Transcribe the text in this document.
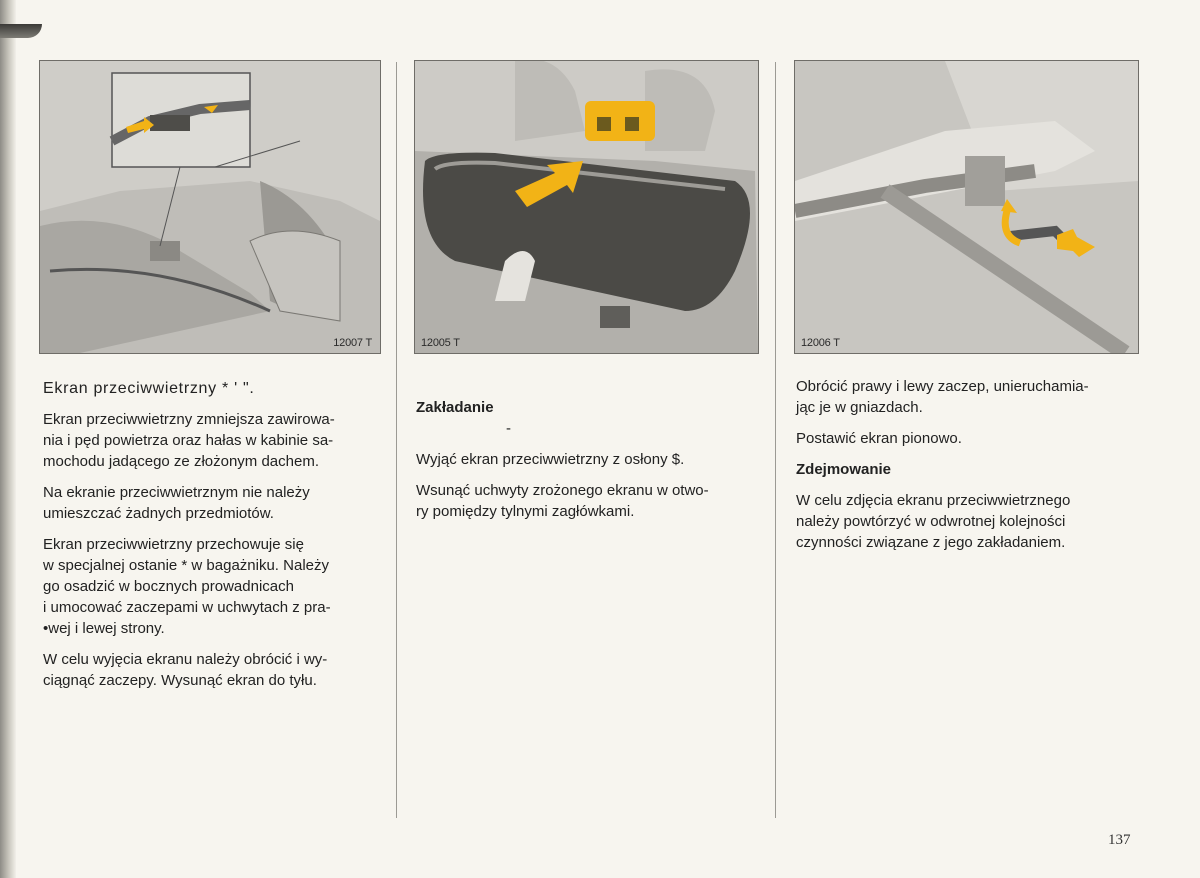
12007 T	12005 T	12006 T

Ekran przeciwwietrzny * ' ".

Ekran przeciwwietrzny zmniejsza zawirowa-
nia i pęd powietrza oraz hałas w kabinie sa-
mochodu jadącego ze złożonym dachem.

Na ekranie przeciwwietrznym nie należy
umieszczać żadnych przedmiotów.

Ekran przeciwwietrzny przechowuje się
w specjalnej ostanie * w bagażniku. Należy
go osadzić w bocznych prowadnicach
i umocować zaczepami w uchwytach z pra-
•wej i lewej strony.

W celu wyjęcia ekranu należy obrócić i wy-
ciągnąć zaczepy. Wysunąć ekran do tyłu.

Zakładanie
-

Wyjąć ekran przeciwwietrzny z osłony $.

Wsunąć uchwyty zrożonego ekranu w otwo-
ry pomiędzy tylnymi zagłówkami.

Obrócić prawy i lewy zaczep, unieruchamia-
jąc je w gniazdach.

Postawić ekran pionowo.

Zdejmowanie

W celu zdjęcia ekranu przeciwwietrznego
należy powtórzyć w odwrotnej kolejności
czynności związane z jego zakładaniem.

137
